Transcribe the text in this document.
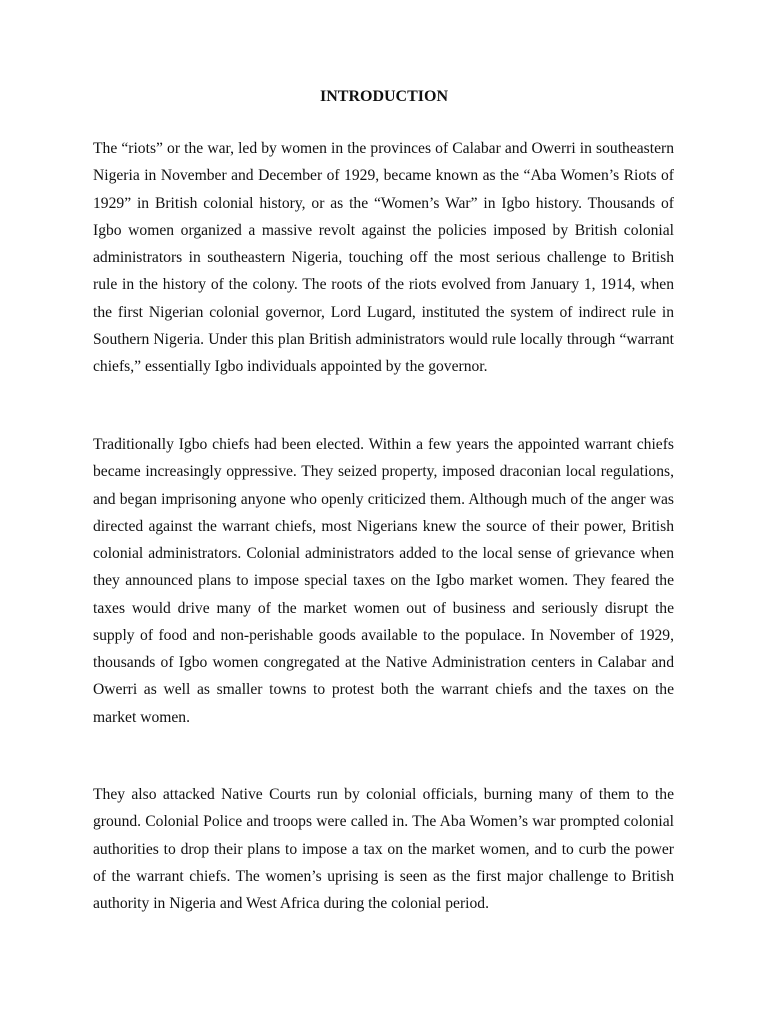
INTRODUCTION

The “riots” or the war, led by women in the provinces of Calabar and Owerri in southeastern Nigeria in November and December of 1929, became known as the “Aba Women’s Riots of 1929” in British colonial history, or as the “Women’s War” in Igbo history. Thousands of Igbo women organized a massive revolt against the policies imposed by British colonial administrators in southeastern Nigeria, touching off the most serious challenge to British rule in the history of the colony. The roots of the riots evolved from January 1, 1914, when the first Nigerian colonial governor, Lord Lugard, instituted the system of indirect rule in Southern Nigeria. Under this plan British administrators would rule locally through “warrant chiefs,” essentially Igbo individuals appointed by the governor.

Traditionally Igbo chiefs had been elected. Within a few years the appointed warrant chiefs became increasingly oppressive. They seized property, imposed draconian local regulations, and began imprisoning anyone who openly criticized them. Although much of the anger was directed against the warrant chiefs, most Nigerians knew the source of their power, British colonial administrators. Colonial administrators added to the local sense of grievance when they announced plans to impose special taxes on the Igbo market women. They feared the taxes would drive many of the market women out of business and seriously disrupt the supply of food and non-perishable goods available to the populace. In November of 1929, thousands of Igbo women congregated at the Native Administration centers in Calabar and Owerri as well as smaller towns to protest both the warrant chiefs and the taxes on the market women.

They also attacked Native Courts run by colonial officials, burning many of them to the ground. Colonial Police and troops were called in. The Aba Women’s war prompted colonial authorities to drop their plans to impose a tax on the market women, and to curb the power of the warrant chiefs. The women’s uprising is seen as the first major challenge to British authority in Nigeria and West Africa during the colonial period.
